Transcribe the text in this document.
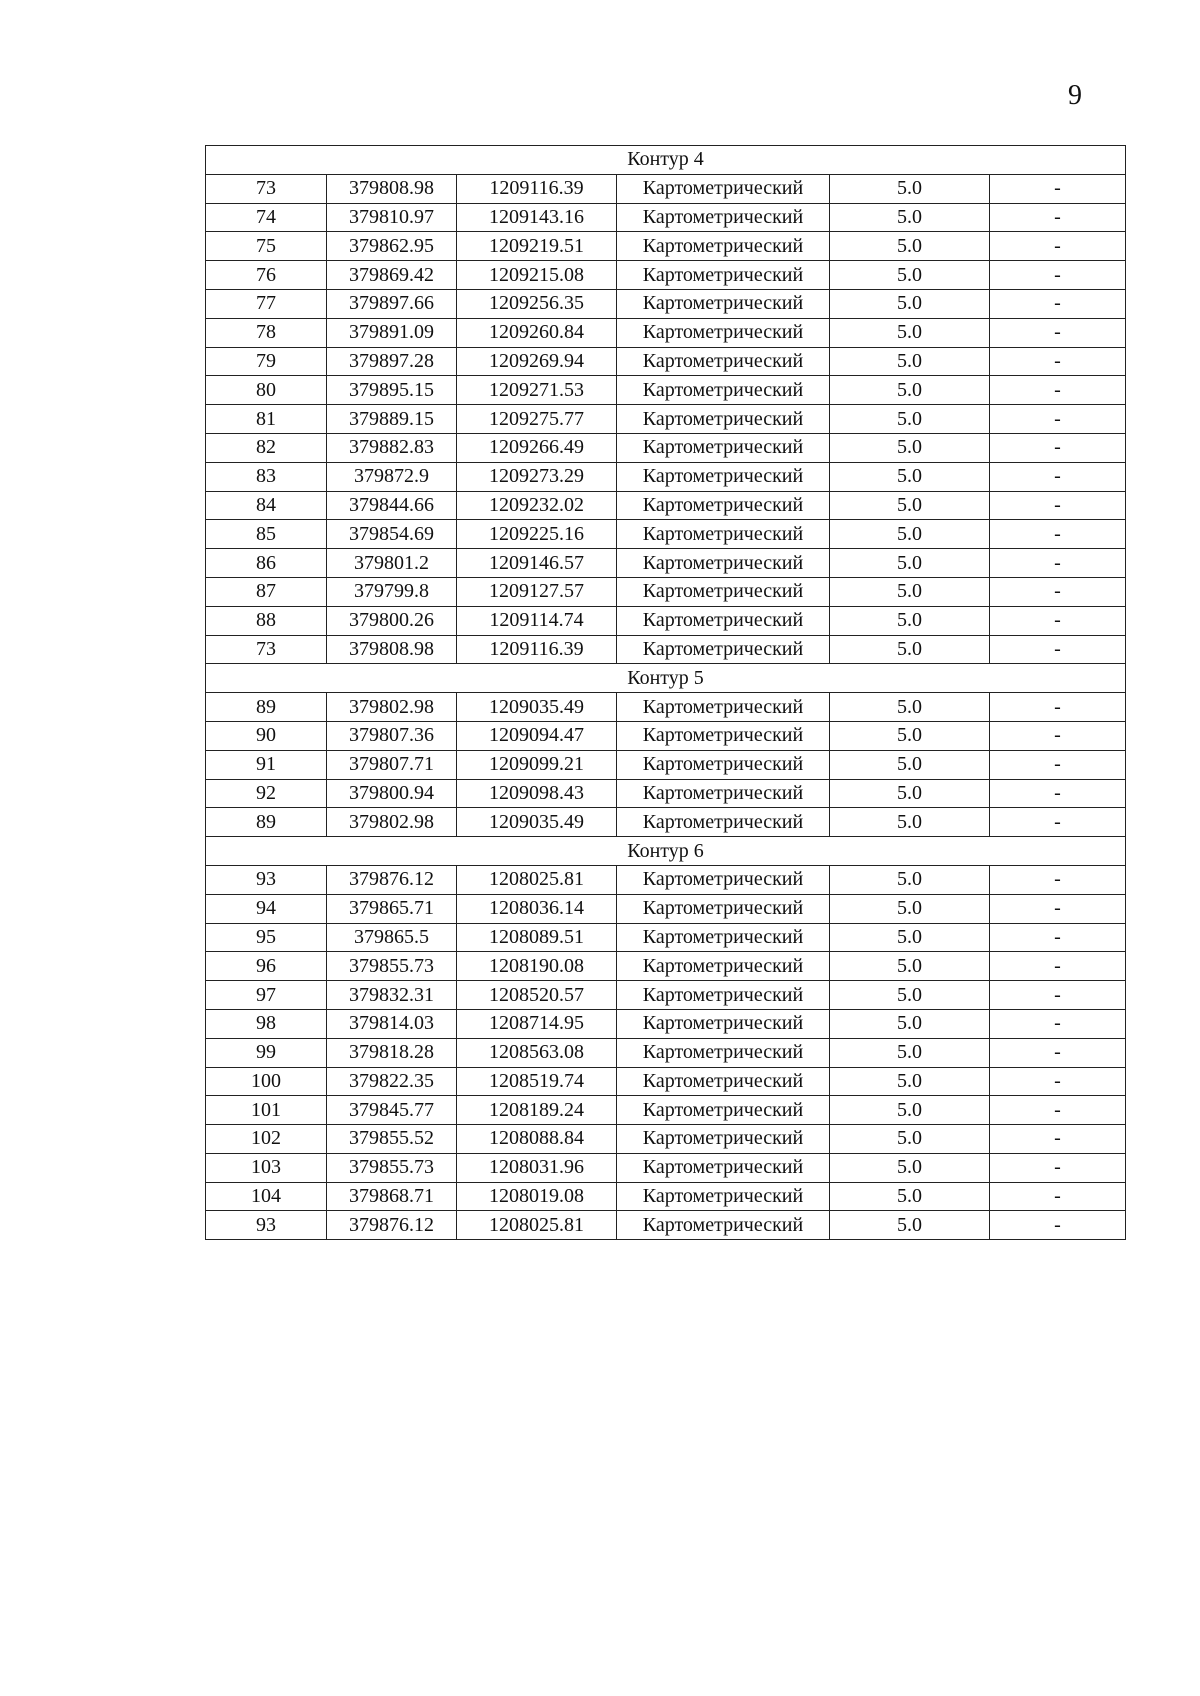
9
Контур 4					
73	379808.98	1209116.39	Картометрический	5.0	-
74	379810.97	1209143.16	Картометрический	5.0	-
75	379862.95	1209219.51	Картометрический	5.0	-
76	379869.42	1209215.08	Картометрический	5.0	-
77	379897.66	1209256.35	Картометрический	5.0	-
78	379891.09	1209260.84	Картометрический	5.0	-
79	379897.28	1209269.94	Картометрический	5.0	-
80	379895.15	1209271.53	Картометрический	5.0	-
81	379889.15	1209275.77	Картометрический	5.0	-
82	379882.83	1209266.49	Картометрический	5.0	-
83	379872.9	1209273.29	Картометрический	5.0	-
84	379844.66	1209232.02	Картометрический	5.0	-
85	379854.69	1209225.16	Картометрический	5.0	-
86	379801.2	1209146.57	Картометрический	5.0	-
87	379799.8	1209127.57	Картометрический	5.0	-
88	379800.26	1209114.74	Картометрический	5.0	-
73	379808.98	1209116.39	Картометрический	5.0	-
Контур 5					
89	379802.98	1209035.49	Картометрический	5.0	-
90	379807.36	1209094.47	Картометрический	5.0	-
91	379807.71	1209099.21	Картометрический	5.0	-
92	379800.94	1209098.43	Картометрический	5.0	-
89	379802.98	1209035.49	Картометрический	5.0	-
Контур 6					
93	379876.12	1208025.81	Картометрический	5.0	-
94	379865.71	1208036.14	Картометрический	5.0	-
95	379865.5	1208089.51	Картометрический	5.0	-
96	379855.73	1208190.08	Картометрический	5.0	-
97	379832.31	1208520.57	Картометрический	5.0	-
98	379814.03	1208714.95	Картометрический	5.0	-
99	379818.28	1208563.08	Картометрический	5.0	-
100	379822.35	1208519.74	Картометрический	5.0	-
101	379845.77	1208189.24	Картометрический	5.0	-
102	379855.52	1208088.84	Картометрический	5.0	-
103	379855.73	1208031.96	Картометрический	5.0	-
104	379868.71	1208019.08	Картометрический	5.0	-
93	379876.12	1208025.81	Картометрический	5.0	-
